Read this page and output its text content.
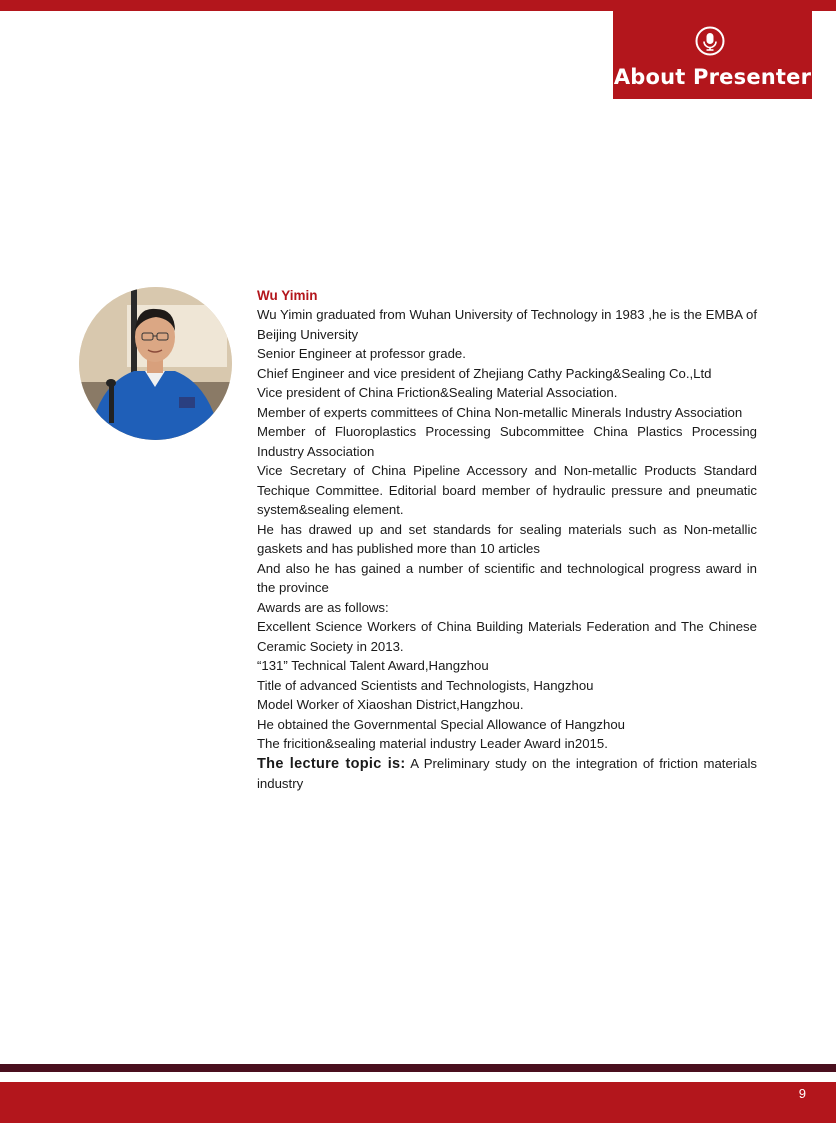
About Presenter

Wu Yimin

Wu Yimin graduated from Wuhan University of Technology in 1983 ,he is the EMBA of Beijing University

Senior Engineer at professor grade.

Chief Engineer and vice president of Zhejiang Cathy Packing&Sealing Co.,Ltd

Vice president of China Friction&Sealing Material Association.

Member of experts committees of China Non-metallic Minerals Industry Association

Member of Fluoroplastics Processing Subcommittee China Plastics Processing Industry Association

Vice Secretary of China Pipeline Accessory and Non-metallic Products Standard Techique Committee. Editorial board member of hydraulic pressure and pneumatic system&sealing element.

He has drawed up and set standards for sealing materials such as Non-metallic gaskets and has published more than 10 articles

And also he has gained a number of scientific and technological progress award in the province

Awards are as follows:

Excellent Science Workers of China Building Materials Federation and The Chinese Ceramic Society in 2013.

“131” Technical Talent Award,Hangzhou

Title of advanced Scientists and Technologists, Hangzhou

Model Worker of Xiaoshan District,Hangzhou.

He obtained the Governmental Special Allowance of Hangzhou

The fricition&sealing material industry Leader Award in2015.

The lecture topic is: A Preliminary study on the integration of friction materials industry

9
